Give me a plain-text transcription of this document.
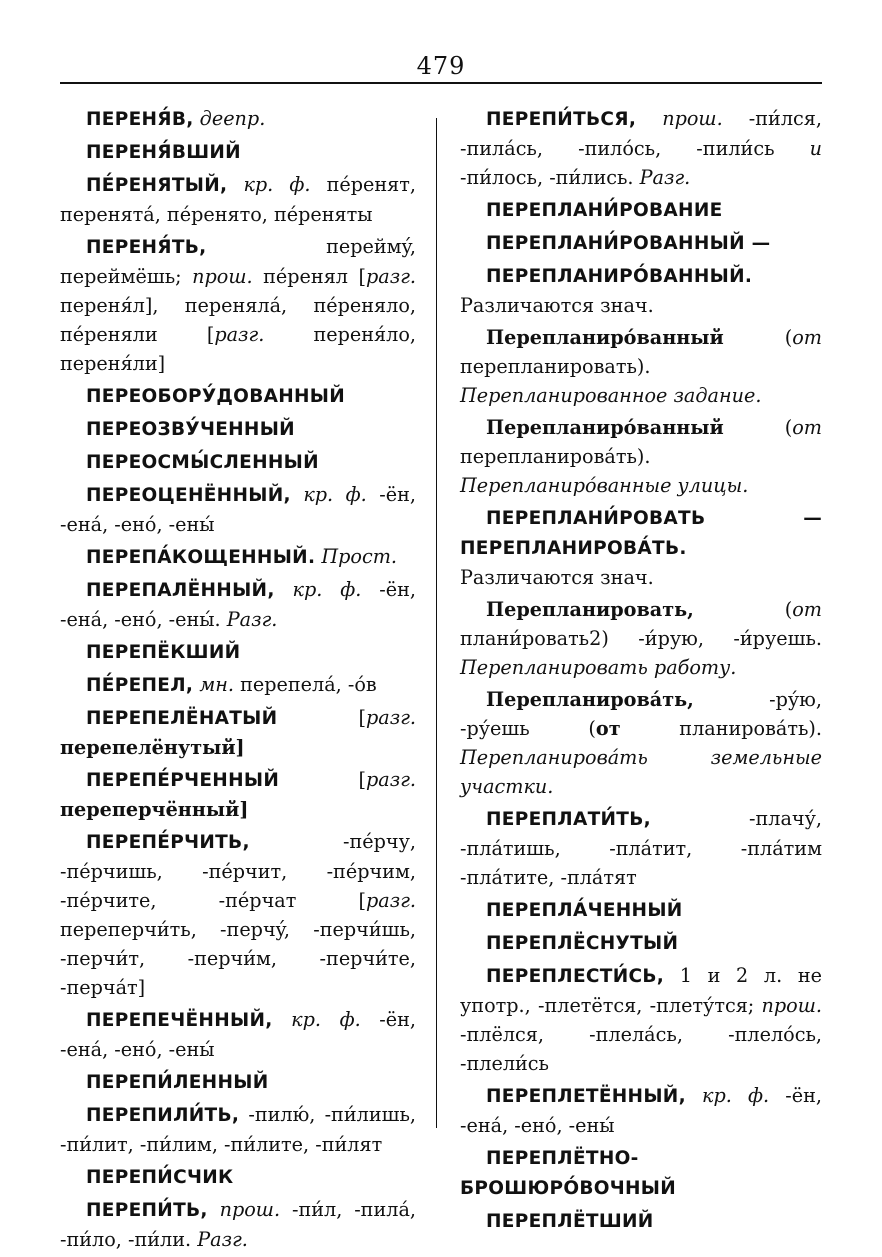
479

ПЕРЕНЯ́В, деепр.

ПЕРЕНЯ́ВШИЙ

ПЕ́РЕНЯТЫЙ, кр. ф. пе́ренят, перенята́, пе́ренято, пе́реняты

ПЕРЕНЯ́ТЬ, переймý, переймёшь; прош. пе́ренял [разг. переня́л], переняла́, пе́реняло, пе́реняли [разг. переня́ло, переня́ли]

ПЕРЕОБОРУ́ДОВАННЫЙ

ПЕРЕОЗВУ́ЧЕННЫЙ

ПЕРЕОСМЫ́СЛЕННЫЙ

ПЕРЕОЦЕНЁННЫЙ, кр. ф. -ён, -ена́, -ено́, -ены́

ПЕРЕПА́КОЩЕННЫЙ. Прост.

ПЕРЕПАЛЁННЫЙ, кр. ф. -ён, -ена́, -ено́, -ены́. Разг.

ПЕРЕПЁКШИЙ

ПЕ́РЕПЕЛ, мн. перепела́, -о́в

ПЕРЕПЕЛЁНАТЫЙ [разг. перепелёнутый]

ПЕРЕПЕ́РЧЕННЫЙ [разг. переперчённый]

ПЕРЕПЕ́РЧИТЬ, -пе́рчу, -пе́рчишь, -пе́рчит, -пе́рчим, -пе́рчите, -пе́рчат [разг. переперчи́ть, -перчý, -перчи́шь, -перчи́т, -перчи́м, -перчи́те, -перча́т]

ПЕРЕПЕЧЁННЫЙ, кр. ф. -ён, -ена́, -ено́, -ены́

ПЕРЕПИ́ЛЕННЫЙ

ПЕРЕПИЛИ́ТЬ, -пилю́, -пи́лишь, -пи́лит, -пи́лим, -пи́лите, -пи́лят

ПЕРЕПИ́СЧИК

ПЕРЕПИ́ТЬ, прош. -пи́л, -пила́, -пи́ло, -пи́ли. Разг.

ПЕРЕПИ́ТЬСЯ, прош. -пи́лся, -пила́сь, -пило́сь, -пили́сь и -пи́лось, -пи́лись. Разг.

ПЕРЕПЛАНИ́РОВАНИЕ

ПЕРЕПЛАНИ́РОВАННЫЙ —

ПЕРЕПЛАНИРО́ВАННЫЙ. Различаются знач.

Перепланиро́ванный (от перепланировать). Перепланированное задание.

Перепланиро́ванный (от перепланирова́ть). Перепланиро́ванные улицы.

ПЕРЕПЛАНИ́РОВАТЬ — ПЕРЕПЛАНИРОВА́ТЬ. Различаются знач.

Перепланировать, (от плани́ровать2) -и́рую, -и́руешь. Перепланировать работу.

Перепланирова́ть, -ру́ю, -ру́ешь (от планирова́ть). Перепланирова́ть земельные участки.

ПЕРЕПЛАТИ́ТЬ, -плачу́, -пла́тишь, -пла́тит, -пла́тим -пла́тите, -пла́тят

ПЕРЕПЛА́ЧЕННЫЙ

ПЕРЕПЛЁСНУТЫЙ

ПЕРЕПЛЕСТИ́СЬ, 1 и 2 л. не употр., -плетётся, -плету́тся; прош. -плёлся, -плела́сь, -плело́сь, -плели́сь

ПЕРЕПЛЕТЁННЫЙ, кр. ф. -ён, -ена́, -ено́, -ены́

ПЕРЕПЛЁТНО-БРОШЮРО́ВОЧНЫЙ

ПЕРЕПЛЁТШИЙ
